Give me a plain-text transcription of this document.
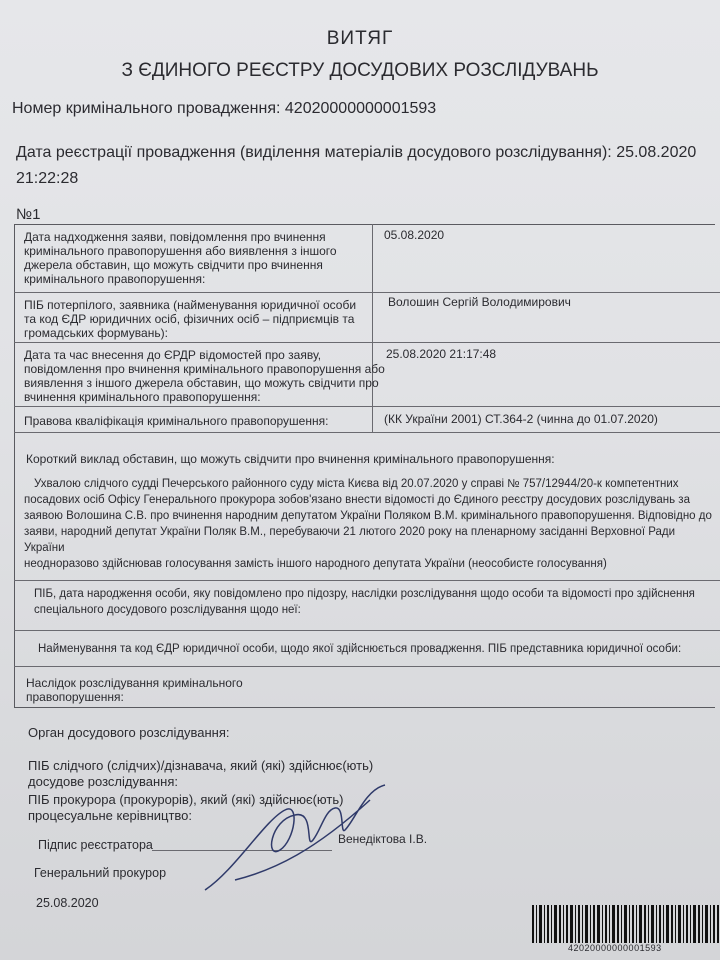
ВИТЯГ
З ЄДИНОГО РЕЄСТРУ ДОСУДОВИХ РОЗСЛІДУВАНЬ
Номер кримінального провадження: 42020000000001593
Дата реєстрації провадження (виділення матеріалів досудового розслідування): 25.08.2020
21:22:28
№1
Дата надходження заяви, повідомлення про вчинення
кримінального правопорушення або виявлення з іншого
джерела обставин, що можуть свідчити про вчинення
кримінального правопорушення:
05.08.2020
ПІБ потерпілого, заявника (найменування юридичної особи
та код ЄДР юридичних осіб, фізичних осіб – підприємців та
громадських формувань):
Волошин Сергій Володимирович
Дата та час внесення до ЄРДР відомостей про заяву,
повідомлення про вчинення кримінального правопорушення або
виявлення з іншого джерела обставин, що можуть свідчити про
вчинення кримінального правопорушення:
25.08.2020 21:17:48
Правова кваліфікація кримінального правопорушення:	(КК України 2001) СТ.364-2 (чинна до 01.07.2020)
Короткий виклад обставин, що можуть свідчити про вчинення кримінального правопорушення:
Ухвалою слідчого судді Печерського районного суду міста Києва від 20.07.2020 у справі № 757/12944/20-к компетентних
посадових осіб Офісу Генерального прокурора зобов'язано внести відомості до Єдиного реєстру досудових розслідувань за
заявою Волошина С.В. про вчинення народним депутатом України Поляком В.М. кримінального правопорушення. Відповідно до
заяви, народний депутат України Поляк В.М., перебуваючи 21 лютого 2020 року на пленарному засіданні Верховної Ради України
неодноразово здійснював голосування замість іншого народного депутата України (неособисте голосування)
ПІБ, дата народження особи, яку повідомлено про підозру, наслідки розслідування щодо особи та відомості про здійснення
спеціального досудового розслідування щодо неї:
Найменування та код ЄДР юридичної особи, щодо якої здійснюється провадження. ПІБ представника юридичної особи:
Наслідок розслідування кримінального
правопорушення:
Орган досудового розслідування:
ПІБ слідчого (слідчих)/дізнавача, який (які) здійснює(ють)
досудове розслідування:
ПІБ прокурора (прокурорів), який (які) здійснює(ють)
процесуальне керівництво:
Підпис реєстратора	Венедіктова І.В.
Генеральний прокурор
25.08.2020
42020000000001593
